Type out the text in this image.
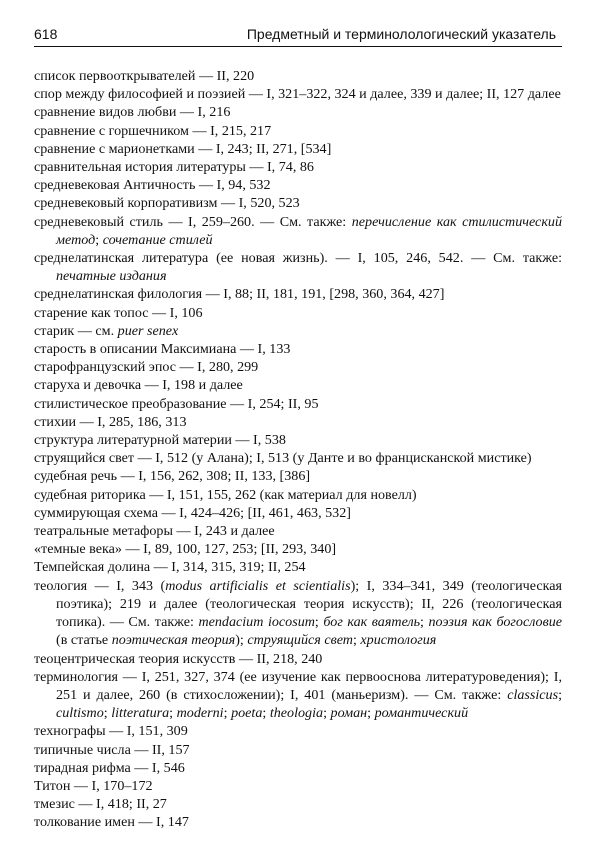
618	Предметный и терминолологический указатель
список первооткрывателей — II, 220
спор между философией и поэзией — I, 321–322, 324 и далее, 339 и далее; II, 127 далее
сравнение видов любви — I, 216
сравнение с горшечником — I, 215, 217
сравнение с марионетками — I, 243; II, 271, [534]
сравнительная история литературы — I, 74, 86
средневековая Античность — I, 94, 532
средневековый корпоративизм — I, 520, 523
средневековый стиль — I, 259–260. — См. также: перечисление как стилистический метод; сочетание стилей
среднелатинская литература (ее новая жизнь). — I, 105, 246, 542. — См. также: печатные издания
среднелатинская филология — I, 88; II, 181, 191, [298, 360, 364, 427]
старение как топос — I, 106
старик — см. puer senex
старость в описании Максимиана — I, 133
старофранцузский эпос — I, 280, 299
старуха и девочка — I, 198 и далее
стилистическое преобразование — I, 254; II, 95
стихии — I, 285, 186, 313
структура литературной материи — I, 538
струящийся свет — I, 512 (у Алана); I, 513 (у Данте и во францисканской мистике)
судебная речь — I, 156, 262, 308; II, 133, [386]
судебная риторика — I, 151, 155, 262 (как материал для новелл)
суммирующая схема — I, 424–426; [II, 461, 463, 532]
театральные метафоры — I, 243 и далее
«темные века» — I, 89, 100, 127, 253; [II, 293, 340]
Темпейская долина — I, 314, 315, 319; II, 254
теология — I, 343 (modus artificialis et scientialis); I, 334–341, 349 (теологическая поэтика); 219 и далее (теологическая теория искусств); II, 226 (теологическая топика). — См. также: mendacium iocosum; бог как ваятель; поэзия как богословие (в статье поэтическая теория); струящийся свет; христология
теоцентрическая теория искусств — II, 218, 240
терминология — I, 251, 327, 374 (ее изучение как первооснова литературоведения); I, 251 и далее, 260 (в стихосложении); I, 401 (маньеризм). — См. также: classicus; cultismo; litteratura; moderni; poeta; theologia; роман; романтический
технографы — I, 151, 309
типичные числа — II, 157
тирадная рифма — I, 546
Титон — I, 170–172
тмезис — I, 418; II, 27
толкование имен — I, 147
